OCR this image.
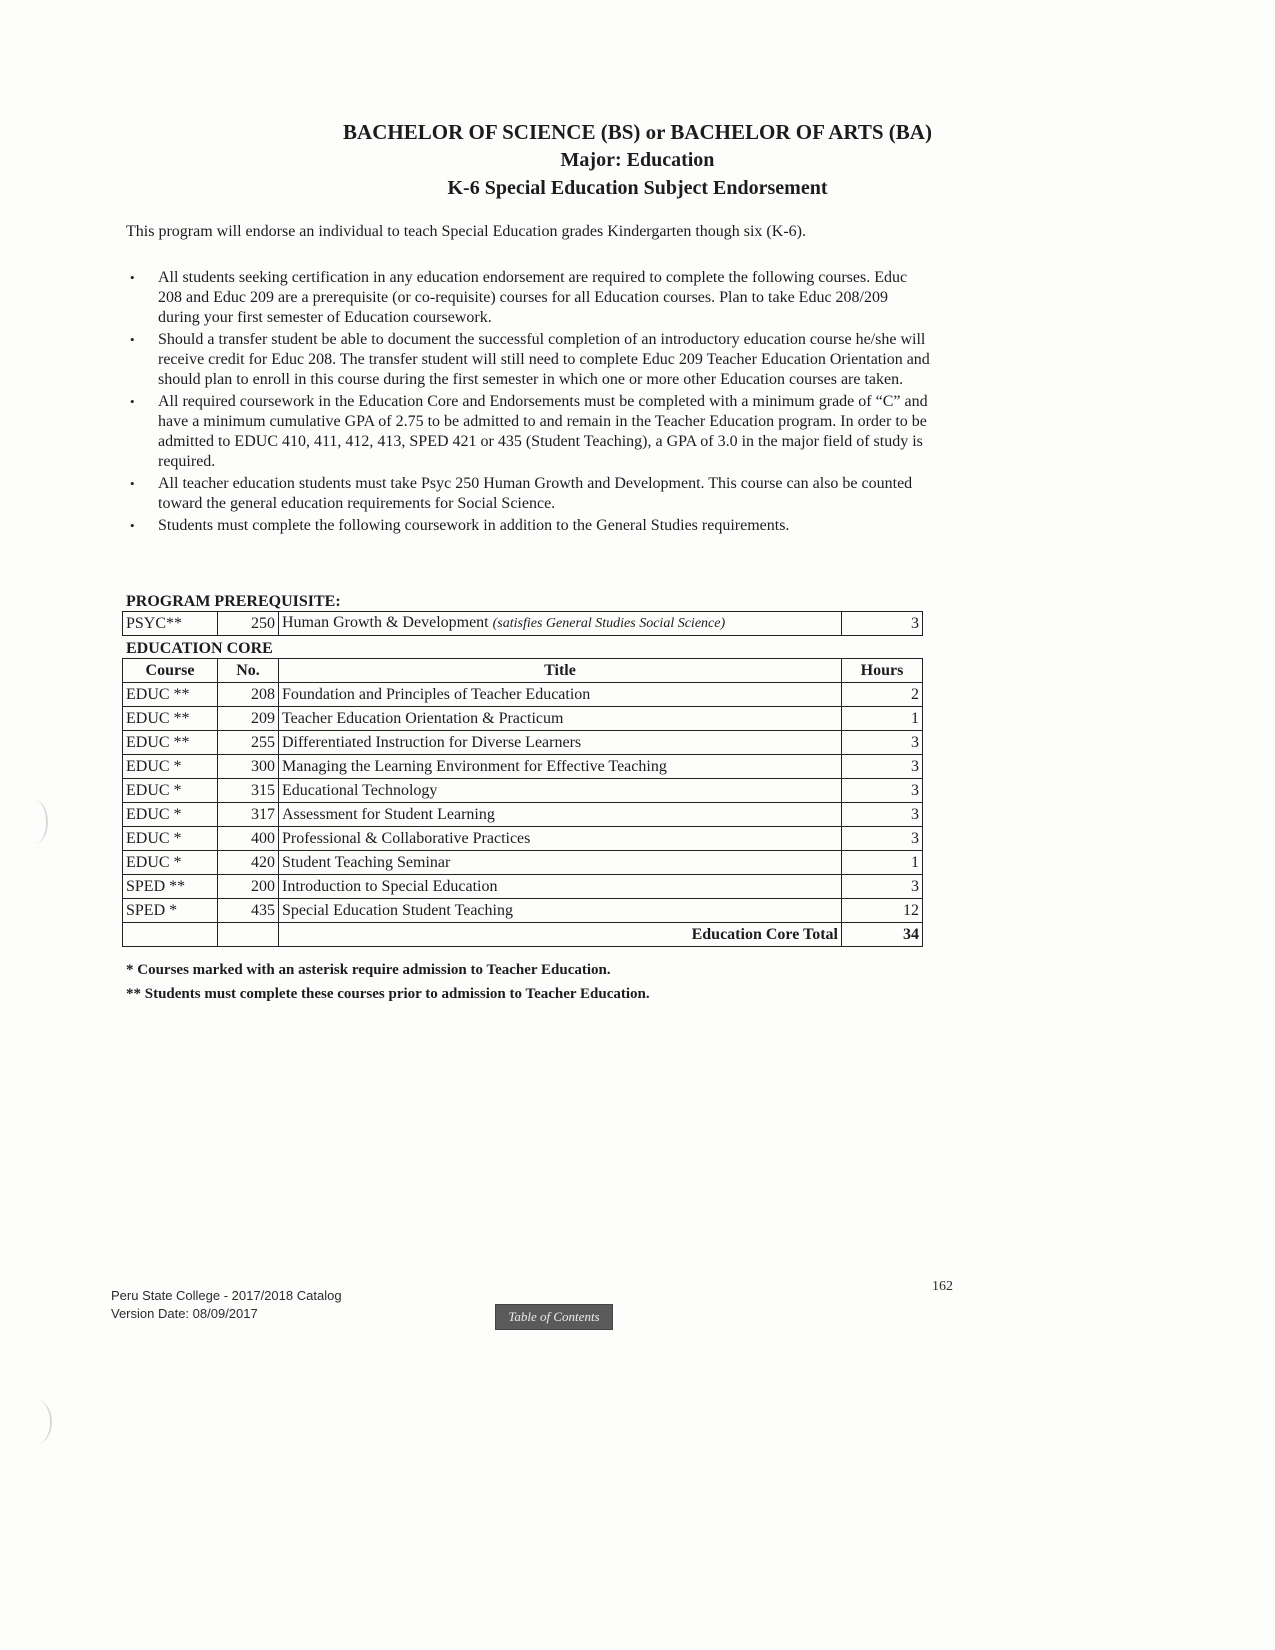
BACHELOR OF SCIENCE (BS) or BACHELOR OF ARTS (BA)
Major: Education
K-6 Special Education Subject Endorsement
This program will endorse an individual to teach Special Education grades Kindergarten though six (K-6).
• All students seeking certification in any education endorsement are required to complete the following courses. Educ 208 and Educ 209 are a prerequisite (or co-requisite) courses for all Education courses. Plan to take Educ 208/209 during your first semester of Education coursework.
• Should a transfer student be able to document the successful completion of an introductory education course he/she will receive credit for Educ 208. The transfer student will still need to complete Educ 209 Teacher Education Orientation and should plan to enroll in this course during the first semester in which one or more other Education courses are taken.
• All required coursework in the Education Core and Endorsements must be completed with a minimum grade of “C” and have a minimum cumulative GPA of 2.75 to be admitted to and remain in the Teacher Education program. In order to be admitted to EDUC 410, 411, 412, 413, SPED 421 or 435 (Student Teaching), a GPA of 3.0 in the major field of study is required.
• All teacher education students must take Psyc 250 Human Growth and Development. This course can also be counted toward the general education requirements for Social Science.
• Students must complete the following coursework in addition to the General Studies requirements.
PROGRAM PREREQUISITE:
PSYC**	250	Human Growth & Development (satisfies General Studies Social Science)	3
EDUCATION CORE
Course	No.	Title	Hours
EDUC **	208	Foundation and Principles of Teacher Education	2
EDUC **	209	Teacher Education Orientation & Practicum	1
EDUC **	255	Differentiated Instruction for Diverse Learners	3
EDUC *	300	Managing the Learning Environment for Effective Teaching	3
EDUC *	315	Educational Technology	3
EDUC *	317	Assessment for Student Learning	3
EDUC *	400	Professional & Collaborative Practices	3
EDUC *	420	Student Teaching Seminar	1
SPED **	200	Introduction to Special Education	3
SPED *	435	Special Education Student Teaching	12
		Education Core Total	34
* Courses marked with an asterisk require admission to Teacher Education.
** Students must complete these courses prior to admission to Teacher Education.
Peru State College - 2017/2018 Catalog
Version Date: 08/09/2017
162
Table of Contents
